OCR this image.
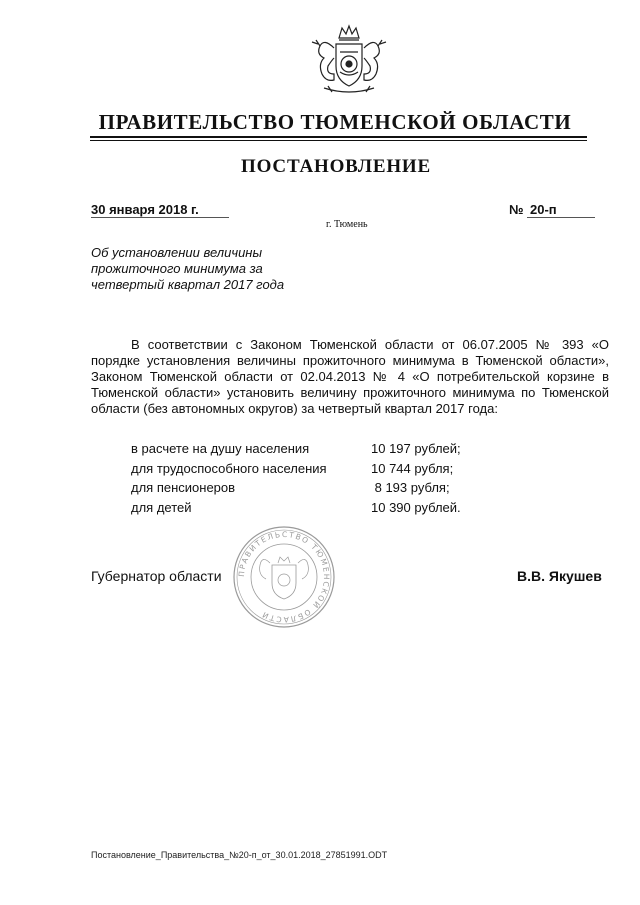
ПРАВИТЕЛЬСТВО ТЮМЕНСКОЙ ОБЛАСТИ
ПОСТАНОВЛЕНИЕ
30 января 2018 г.	№ 20-п
г. Тюмень
Об установлении величины
прожиточного минимума за
четвертый квартал 2017 года
В соответствии с Законом Тюменской области от 06.07.2005 № 393 «О порядке установления величины прожиточного минимума в Тюменской области», Законом Тюменской области от 02.04.2013 № 4 «О потребительской корзине в Тюменской области» установить величину прожиточного минимума по Тюменской области (без автономных округов) за четвертый квартал 2017 года:
в расчете на душу населения	10 197 рублей;
для трудоспособного населения	10 744 рубля;
для пенсионеров	8 193 рубля;
для детей	10 390 рублей.
ПРАВИТЕЛЬСТВО ТЮМЕНСКОЙ ОБЛАСТИ
Губернатор области	В.В. Якушев
Постановление_Правительства_№20-п_от_30.01.2018_27851991.ODT
